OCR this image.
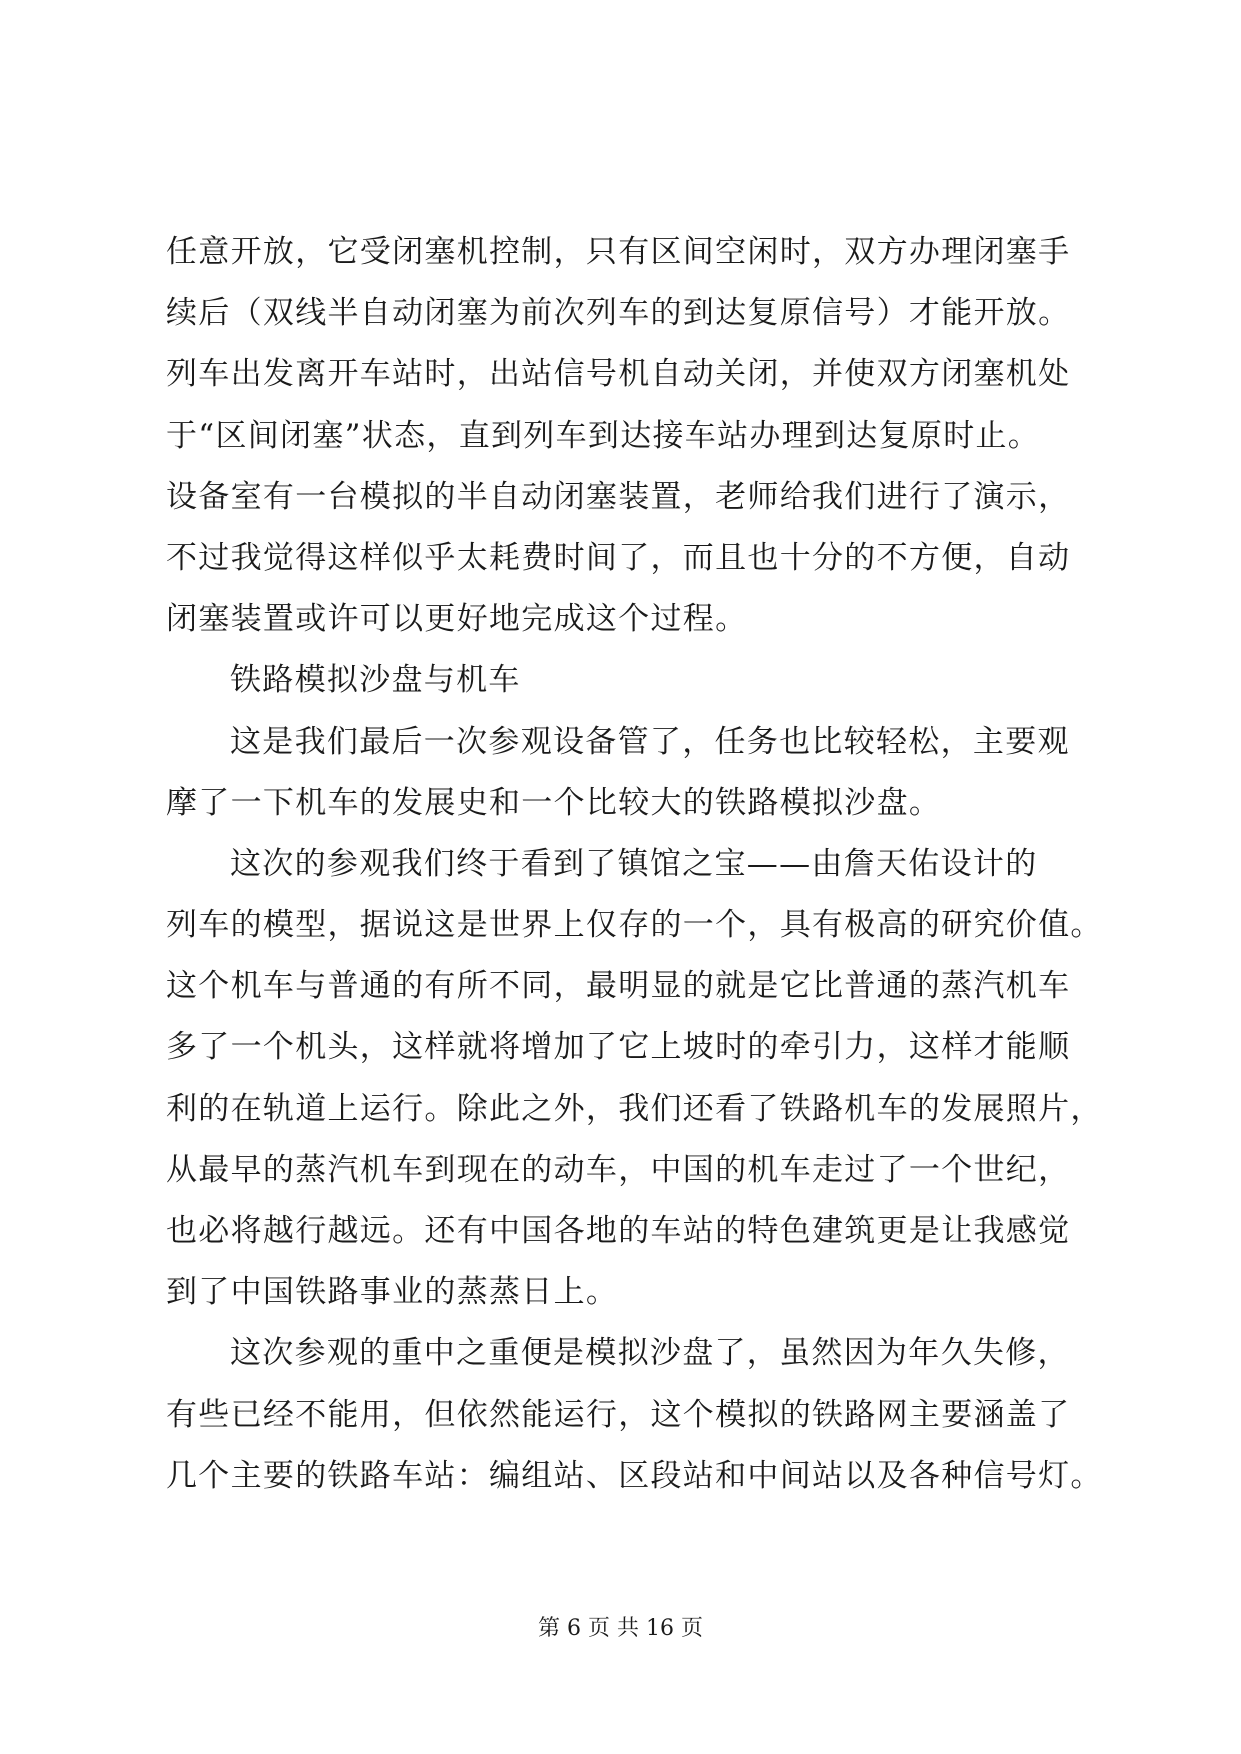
任意开放，它受闭塞机控制，只有区间空闲时，双方办理闭塞手
续后（双线半自动闭塞为前次列车的到达复原信号）才能开放。
列车出发离开车站时，出站信号机自动关闭，并使双方闭塞机处
于“区间闭塞”状态，直到列车到达接车站办理到达复原时止。
设备室有一台模拟的半自动闭塞装置，老师给我们进行了演示，
不过我觉得这样似乎太耗费时间了，而且也十分的不方便，自动
闭塞装置或许可以更好地完成这个过程。
铁路模拟沙盘与机车
这是我们最后一次参观设备管了，任务也比较轻松，主要观
摩了一下机车的发展史和一个比较大的铁路模拟沙盘。
这次的参观我们终于看到了镇馆之宝——由詹天佑设计的
列车的模型，据说这是世界上仅存的一个，具有极高的研究价值。
这个机车与普通的有所不同，最明显的就是它比普通的蒸汽机车
多了一个机头，这样就将增加了它上坡时的牵引力，这样才能顺
利的在轨道上运行。除此之外，我们还看了铁路机车的发展照片，
从最早的蒸汽机车到现在的动车，中国的机车走过了一个世纪，
也必将越行越远。还有中国各地的车站的特色建筑更是让我感觉
到了中国铁路事业的蒸蒸日上。
这次参观的重中之重便是模拟沙盘了，虽然因为年久失修，
有些已经不能用，但依然能运行，这个模拟的铁路网主要涵盖了
几个主要的铁路车站：编组站、区段站和中间站以及各种信号灯。
第 6 页 共 16 页
